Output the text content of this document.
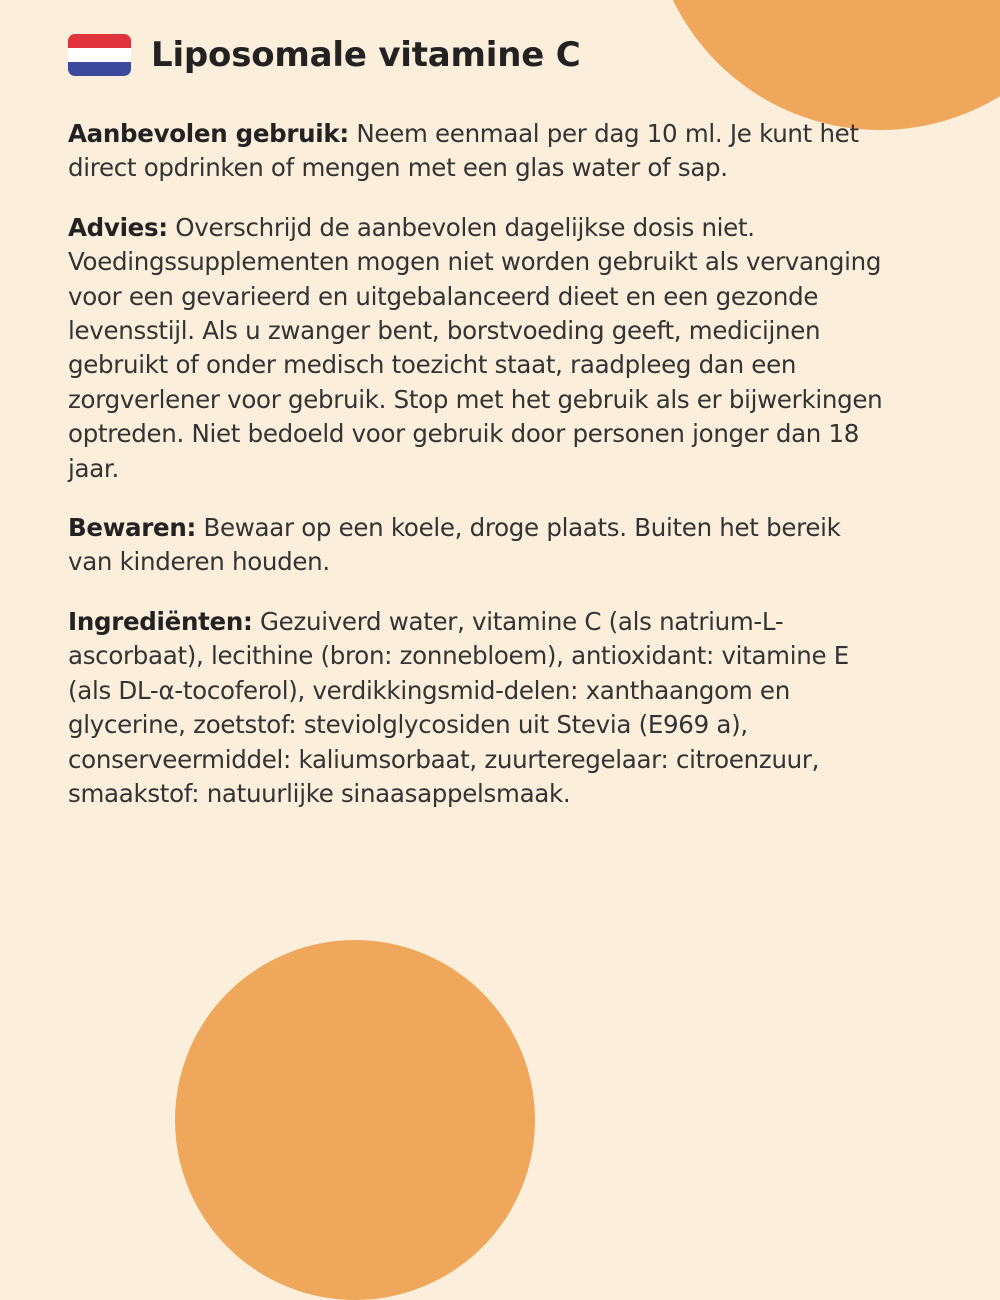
Liposomale vitamine C

Aanbevolen gebruik: Neem eenmaal per dag 10 ml. Je kunt het direct opdrinken of mengen met een glas water of sap.

Advies: Overschrijd de aanbevolen dagelijkse dosis niet. Voedingssupplementen mogen niet worden gebruikt als vervanging voor een gevarieerd en uitgebalanceerd dieet en een gezonde levensstijl. Als u zwanger bent, borstvoeding geeft, medicijnen gebruikt of onder medisch toezicht staat, raadpleeg dan een zorgverlener voor gebruik. Stop met het gebruik als er bijwerkingen optreden. Niet bedoeld voor gebruik door personen jonger dan 18 jaar.

Bewaren: Bewaar op een koele, droge plaats. Buiten het bereik van kinderen houden.

Ingrediënten: Gezuiverd water, vitamine C (als natrium-L-ascorbaat), lecithine (bron: zonnebloem), antioxidant: vitamine E (als DL-α-tocoferol), verdikkingsmid-delen: xanthaangom en glycerine, zoetstof: steviolglycosiden uit Stevia (E969 a), conserveermiddel: kaliumsorbaat, zuurteregelaar: citroenzuur, smaakstof: natuurlijke sinaasappelsmaak.
